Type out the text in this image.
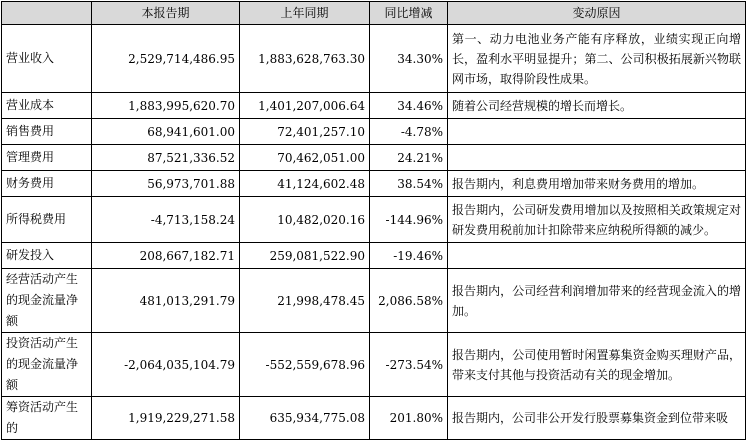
	本报告期	上年同期	同比增减	变动原因
营业收入	2,529,714,486.95	1,883,628,763.30	34.30%	第一、动力电池业务产能有序释放，业绩实现正向增长，盈利水平明显提升；第二、公司积极拓展新兴物联网市场，取得阶段性成果。
营业成本	1,883,995,620.70	1,401,207,006.64	34.46%	随着公司经营规模的增长而增长。
销售费用	68,941,601.00	72,401,257.10	-4.78%	
管理费用	87,521,336.52	70,462,051.00	24.21%	
财务费用	56,973,701.88	41,124,602.48	38.54%	报告期内，利息费用增加带来财务费用的增加。
所得税费用	-4,713,158.24	10,482,020.16	-144.96%	报告期内，公司研发费用增加以及按照相关政策规定对研发费用税前加计扣除带来应纳税所得额的减少。
研发投入	208,667,182.71	259,081,522.90	-19.46%	
经营活动产生的现金流量净额	481,013,291.79	21,998,478.45	2,086.58%	报告期内，公司经营利润增加带来的经营现金流入的增加。
投资活动产生的现金流量净额	-2,064,035,104.79	-552,559,678.96	-273.54%	报告期内，公司使用暂时闲置募集资金购买理财产品，带来支付其他与投资活动有关的现金增加。
筹资活动产生的	1,919,229,271.58	635,934,775.08	201.80%	报告期内，公司非公开发行股票募集资金到位带来吸
